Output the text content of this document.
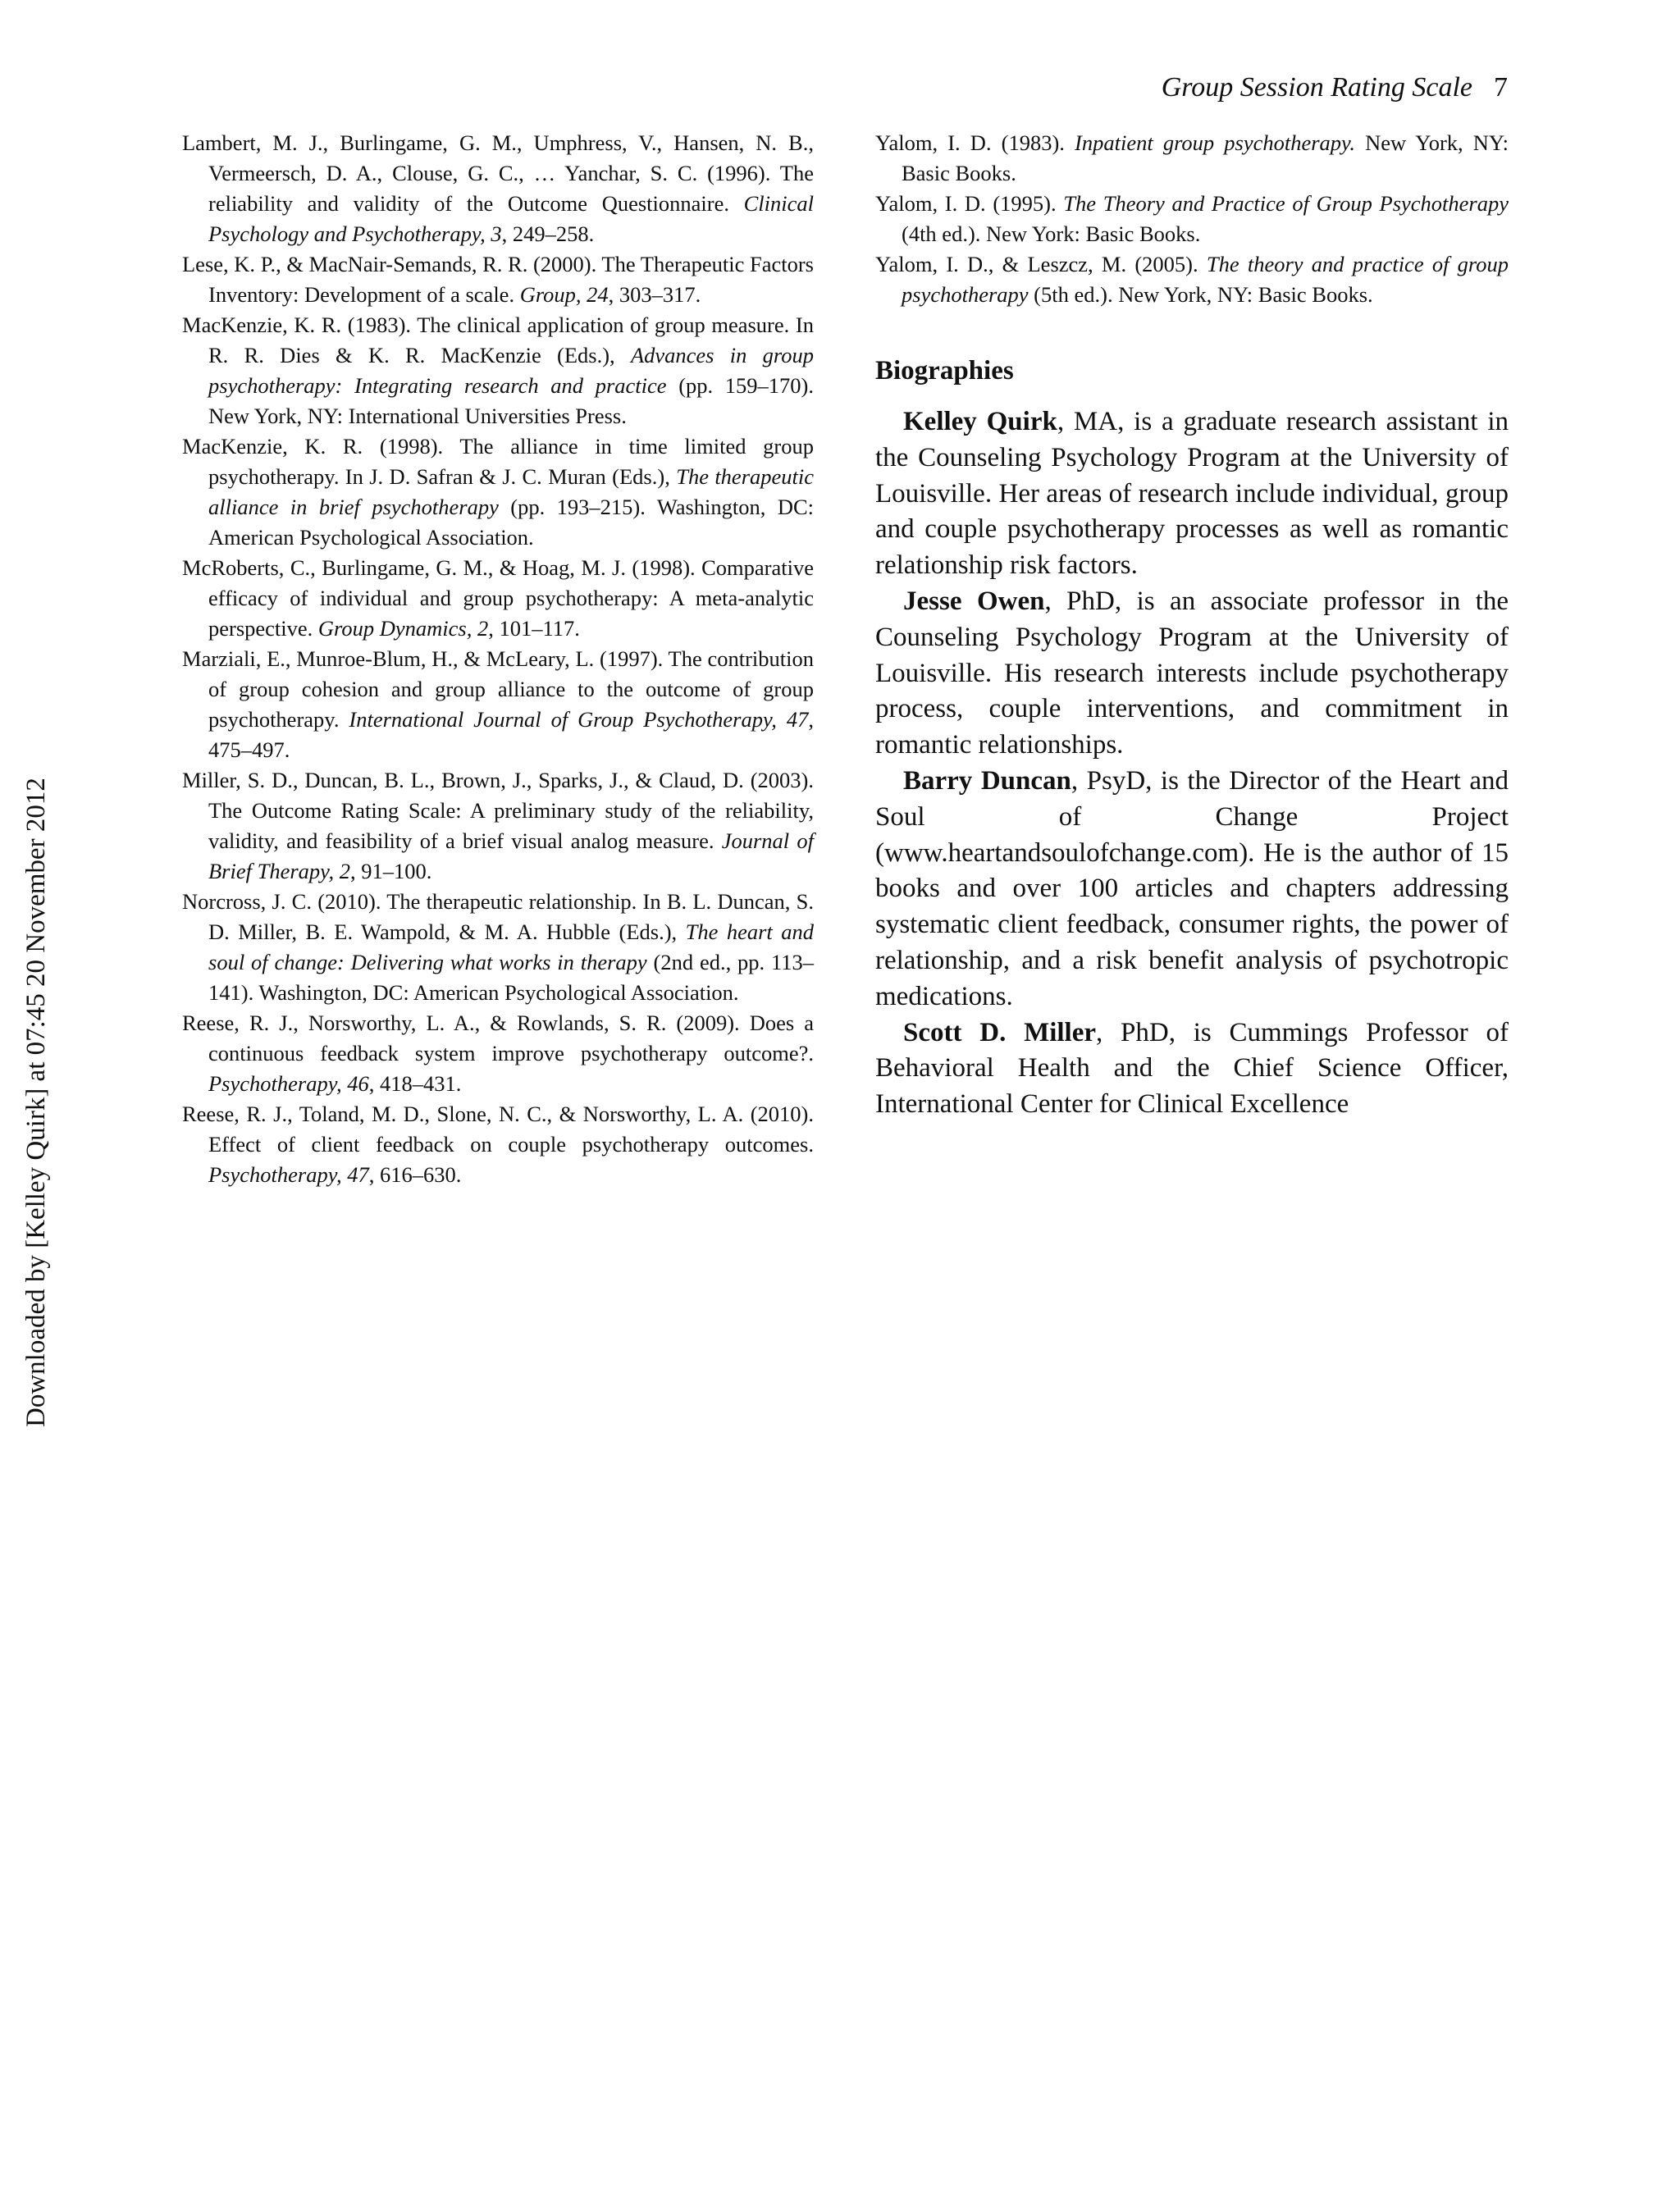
Group Session Rating Scale 7
Downloaded by [Kelley Quirk] at 07:45 20 November 2012

Lambert, M. J., Burlingame, G. M., Umphress, V., Hansen, N. B., Vermeersch, D. A., Clouse, G. C., … Yanchar, S. C. (1996). The reliability and validity of the Outcome Questionnaire. Clinical Psychology and Psychotherapy, 3, 249–258.

Lese, K. P., & MacNair-Semands, R. R. (2000). The Therapeutic Factors Inventory: Development of a scale. Group, 24, 303–317.

MacKenzie, K. R. (1983). The clinical application of group measure. In R. R. Dies & K. R. MacKenzie (Eds.), Advances in group psychotherapy: Integrating research and practice (pp. 159–170). New York, NY: International Universities Press.

MacKenzie, K. R. (1998). The alliance in time limited group psychotherapy. In J. D. Safran & J. C. Muran (Eds.), The therapeutic alliance in brief psychotherapy (pp. 193–215). Washington, DC: American Psychological Association.

McRoberts, C., Burlingame, G. M., & Hoag, M. J. (1998). Comparative efficacy of individual and group psychotherapy: A meta-analytic perspective. Group Dynamics, 2, 101–117.

Marziali, E., Munroe-Blum, H., & McLeary, L. (1997). The contribution of group cohesion and group alliance to the outcome of group psychotherapy. International Journal of Group Psychotherapy, 47, 475–497.

Miller, S. D., Duncan, B. L., Brown, J., Sparks, J., & Claud, D. (2003). The Outcome Rating Scale: A preliminary study of the reliability, validity, and feasibility of a brief visual analog measure. Journal of Brief Therapy, 2, 91–100.

Norcross, J. C. (2010). The therapeutic relationship. In B. L. Duncan, S. D. Miller, B. E. Wampold, & M. A. Hubble (Eds.), The heart and soul of change: Delivering what works in therapy (2nd ed., pp. 113–141). Washington, DC: American Psychological Association.

Reese, R. J., Norsworthy, L. A., & Rowlands, S. R. (2009). Does a continuous feedback system improve psychotherapy outcome?. Psychotherapy, 46, 418–431.

Reese, R. J., Toland, M. D., Slone, N. C., & Norsworthy, L. A. (2010). Effect of client feedback on couple psychotherapy outcomes. Psychotherapy, 47, 616–630.

Yalom, I. D. (1983). Inpatient group psychotherapy. New York, NY: Basic Books.

Yalom, I. D. (1995). The Theory and Practice of Group Psychotherapy (4th ed.). New York: Basic Books.

Yalom, I. D., & Leszcz, M. (2005). The theory and practice of group psychotherapy (5th ed.). New York, NY: Basic Books.

Biographies

Kelley Quirk, MA, is a graduate research assistant in the Counseling Psychology Program at the University of Louisville. Her areas of research include individual, group and couple psychotherapy processes as well as romantic relationship risk factors.

Jesse Owen, PhD, is an associate professor in the Counseling Psychology Program at the University of Louisville. His research interests include psychotherapy process, couple interventions, and commitment in romantic relationships.

Barry Duncan, PsyD, is the Director of the Heart and Soul of Change Project (www.heartandsoulofchange.com). He is the author of 15 books and over 100 articles and chapters addressing systematic client feedback, consumer rights, the power of relationship, and a risk benefit analysis of psychotropic medications.

Scott D. Miller, PhD, is Cummings Professor of Behavioral Health and the Chief Science Officer, International Center for Clinical Excellence
